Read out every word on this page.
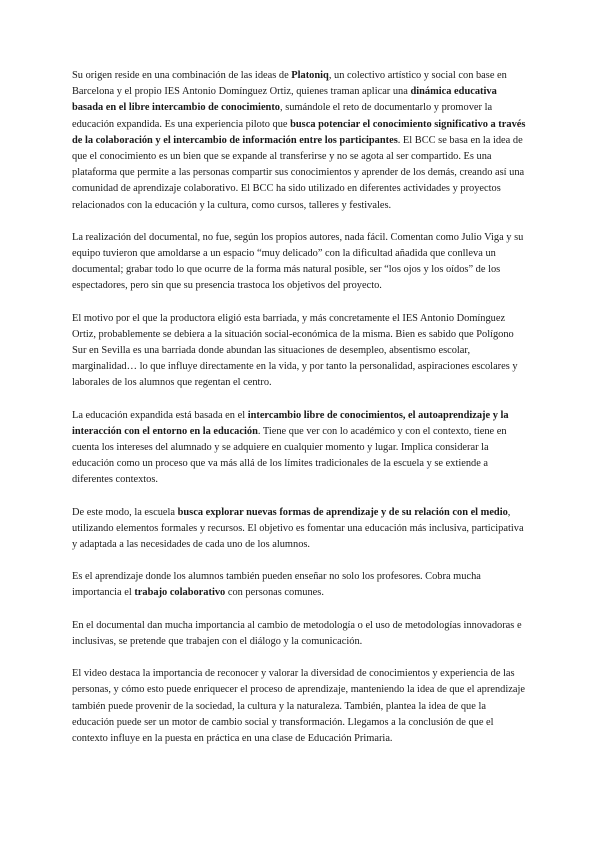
Su origen reside en una combinación de las ideas de Platoniq, un colectivo artístico y social con base en Barcelona y el propio IES Antonio Domínguez Ortiz, quienes traman aplicar una dinámica educativa basada en el libre intercambio de conocimiento, sumándole el reto de documentarlo y promover la educación expandida. Es una experiencia piloto que busca potenciar el conocimiento significativo a través de la colaboración y el intercambio de información entre los participantes. El BCC se basa en la idea de que el conocimiento es un bien que se expande al transferirse y no se agota al ser compartido. Es una plataforma que permite a las personas compartir sus conocimientos y aprender de los demás, creando así una comunidad de aprendizaje colaborativo. El BCC ha sido utilizado en diferentes actividades y proyectos relacionados con la educación y la cultura, como cursos, talleres y festivales.

La realización del documental, no fue, según los propios autores, nada fácil. Comentan como Julio Viga y su equipo tuvieron que amoldarse a un espacio “muy delicado” con la dificultad añadida que conlleva un documental; grabar todo lo que ocurre de la forma más natural posible, ser “los ojos y los oídos” de los espectadores, pero sin que su presencia trastoca los objetivos del proyecto.

El motivo por el que la productora eligió esta barriada, y más concretamente el IES Antonio Domínguez Ortiz, probablemente se debiera a la situación social-económica de la misma. Bien es sabido que Polígono Sur en Sevilla es una barriada donde abundan las situaciones de desempleo, absentismo escolar, marginalidad… lo que influye directamente en la vida, y por tanto la personalidad, aspiraciones escolares y laborales de los alumnos que regentan el centro.

La educación expandida está basada en el intercambio libre de conocimientos, el autoaprendizaje y la interacción con el entorno en la educación. Tiene que ver con lo académico y con el contexto, tiene en cuenta los intereses del alumnado y se adquiere en cualquier momento y lugar. Implica considerar la educación como un proceso que va más allá de los límites tradicionales de la escuela y se extiende a diferentes contextos.

De este modo, la escuela busca explorar nuevas formas de aprendizaje y de su relación con el medio, utilizando elementos formales y recursos. El objetivo es fomentar una educación más inclusiva, participativa y adaptada a las necesidades de cada uno de los alumnos.

Es el aprendizaje donde los alumnos también pueden enseñar no solo los profesores. Cobra mucha importancia el trabajo colaborativo con personas comunes.

En el documental dan mucha importancia al cambio de metodología o el uso de metodologías innovadoras e inclusivas, se pretende que trabajen con el diálogo y la comunicación.

El video destaca la importancia de reconocer y valorar la diversidad de conocimientos y experiencia de las personas, y cómo esto puede enriquecer el proceso de aprendizaje, manteniendo la idea de que el aprendizaje también puede provenir de la sociedad, la cultura y la naturaleza. También, plantea la idea de que la educación puede ser un motor de cambio social y transformación. Llegamos a la conclusión de que el contexto influye en la puesta en práctica en una clase de Educación Primaria.
